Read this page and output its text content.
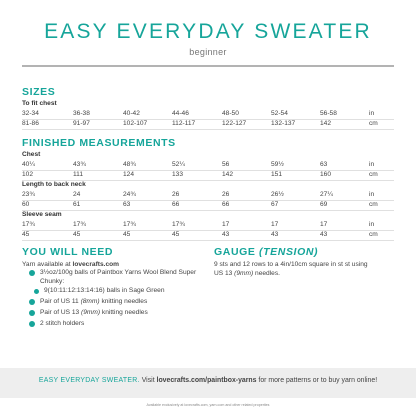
EASY EVERYDAY SWEATER
beginner
SIZES
To fit chest
32-34	36-38	40-42	44-46	48-50	52-54	56-58	in
81-86	91-97	102-107	112-117	122-127	132-137	142	cm
FINISHED MEASUREMENTS
Chest
40¼	43¾	48¾	52¼	56	59½	63	in
102	111	124	133	142	151	160	cm
Length to back neck
23¾	24	24¾	26	26	26½	27¼	in
60	61	63	66	66	67	69	cm
Sleeve seam
17¾	17¾	17¾	17¾	17	17	17	in
45	45	45	45	43	43	43	cm
YOU WILL NEED
Yarn available at lovecrafts.com
3½oz/100g balls of Paintbox Yarns Wool Blend Super Chunky:
9(10:11:12:13:14:16) balls in Sage Green
Pair of US 11 (8mm) knitting needles
Pair of US 13 (9mm) knitting needles
2 stitch holders
GAUGE (TENSION)
9 sts and 12 rows to a 4in/10cm square in st st using
US 13 (9mm) needles.
EASY EVERYDAY SWEATER. Visit lovecrafts.com/paintbox-yarns for more patterns or to buy yarn online!
Available exclusively at lovecrafts.com, yarn.com and other related properties
